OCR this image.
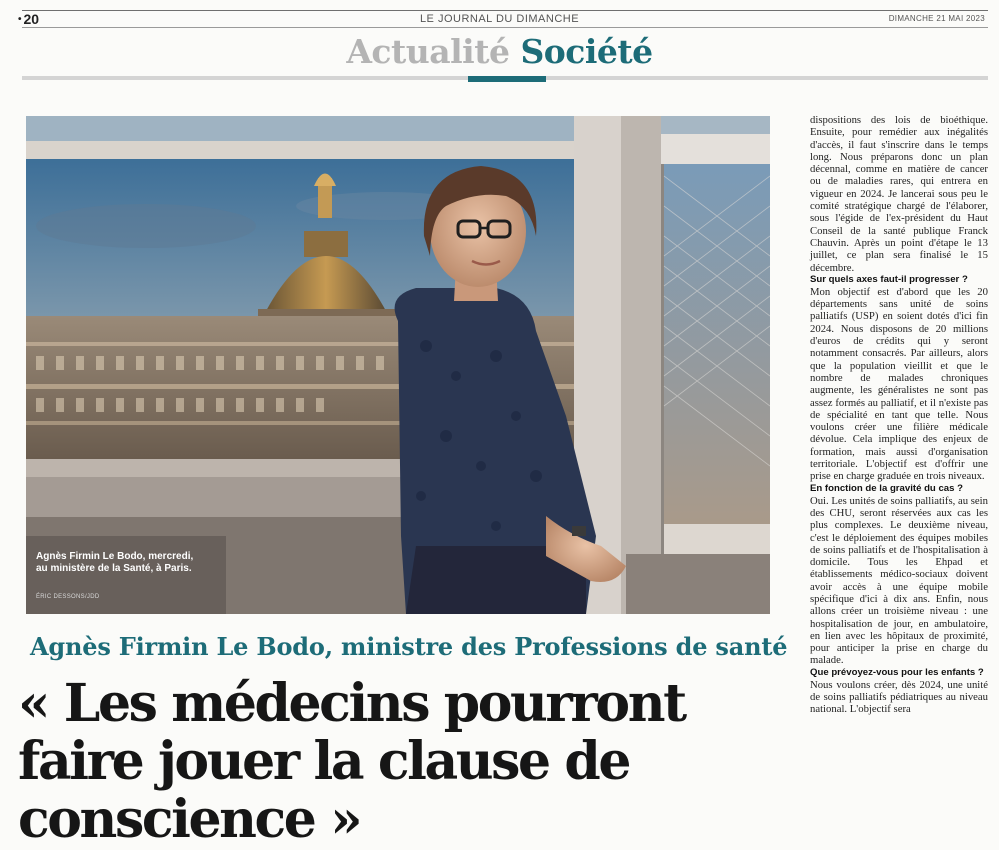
• 20	LE JOURNAL DU DIMANCHE	DIMANCHE 21 MAI 2023
Actualité Société
Agnès Firmin Le Bodo, mercredi, au ministère de la Santé, à Paris.
ÉRIC DESSONS/JDD
Agnès Firmin Le Bodo, ministre des Professions de santé
« Les médecins pourront faire jouer la clause de conscience »

dispositions des lois de bioéthique. Ensuite, pour remédier aux inégalités d'accès, il faut s'inscrire dans le temps long. Nous préparons donc un plan décennal, comme en matière de cancer ou de maladies rares, qui entrera en vigueur en 2024. Je lancerai sous peu le comité stratégique chargé de l'élaborer, sous l'égide de l'ex-président du Haut Conseil de la santé publique Franck Chauvin. Après un point d'étape le 13 juillet, ce plan sera finalisé le 15 décembre.

Sur quels axes faut-il progresser ?

Mon objectif est d'abord que les 20 départements sans unité de soins palliatifs (USP) en soient dotés d'ici fin 2024. Nous disposons de 20 millions d'euros de crédits qui y seront notamment consacrés. Par ailleurs, alors que la population vieillit et que le nombre de malades chroniques augmente, les généralistes ne sont pas assez formés au palliatif, et il n'existe pas de spécialité en tant que telle. Nous voulons créer une filière médicale dévolue. Cela implique des enjeux de formation, mais aussi d'organisation territoriale. L'objectif est d'offrir une prise en charge graduée en trois niveaux.

En fonction de la gravité du cas ?

Oui. Les unités de soins palliatifs, au sein des CHU, seront réservées aux cas les plus complexes. Le deuxième niveau, c'est le déploiement des équipes mobiles de soins palliatifs et de l'hospitalisation à domicile. Tous les Ehpad et établissements médico-sociaux doivent avoir accès à une équipe mobile spécifique d'ici à dix ans. Enfin, nous allons créer un troisième niveau : une hospitalisation de jour, en ambulatoire, en lien avec les hôpitaux de proximité, pour anticiper la prise en charge du malade.

Que prévoyez-vous pour les enfants ?

Nous voulons créer, dès 2024, une unité de soins palliatifs pédiatriques au niveau national. L'objectif sera
